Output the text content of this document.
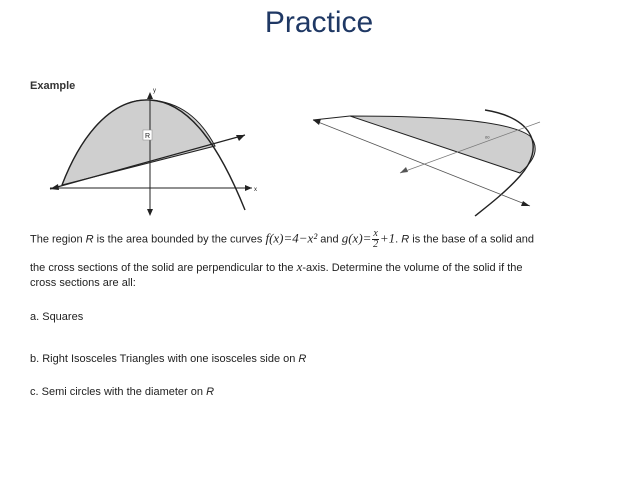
Practice
Example
R
y
x
ᵒᵒ
The region R is the area bounded by the curves f(x)=4−x² and $g(x)= \frac{x}{2} +1$. R is the base of a solid and
the cross sections of the solid are perpendicular to the x-axis. Determine the volume of the solid if the
cross sections are all:
a. Squares
b. Right Isosceles Triangles with one isosceles side on R
c. Semi circles with the diameter on R
